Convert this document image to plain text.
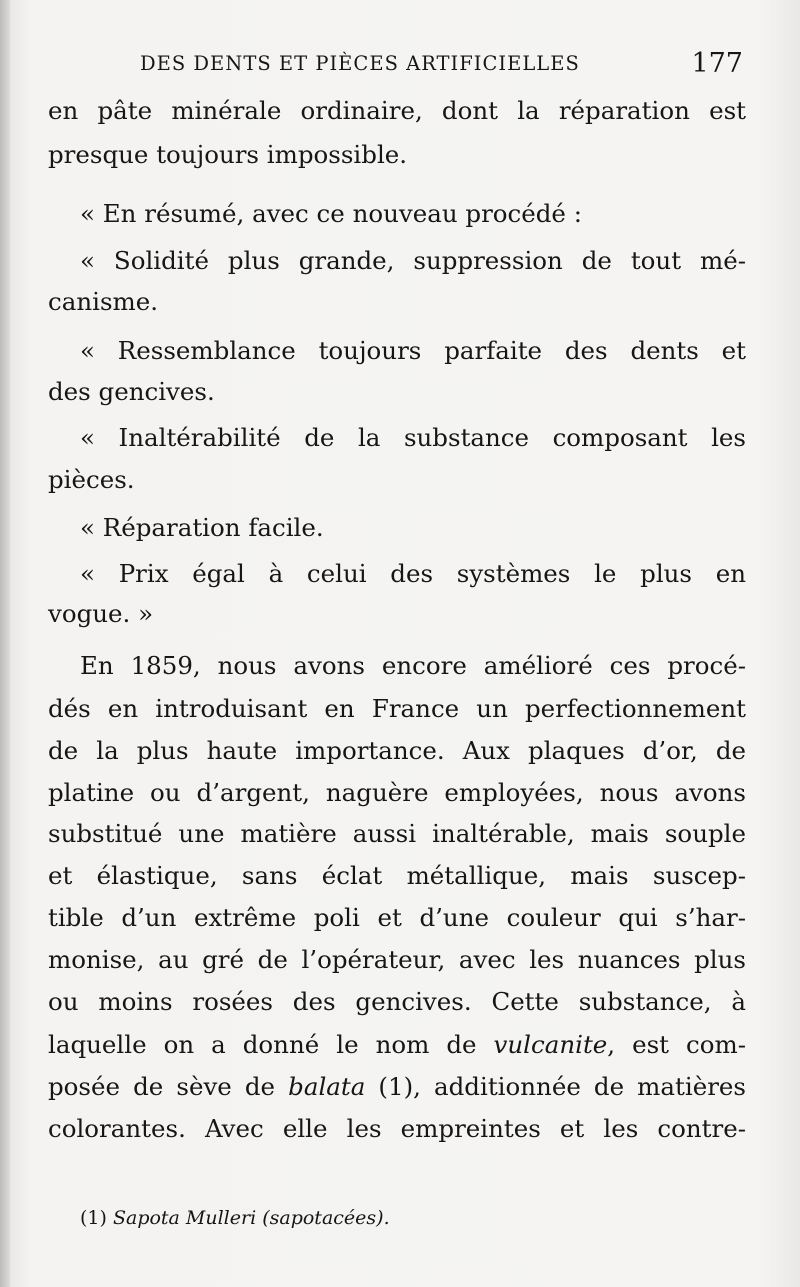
DES DENTS ET PIÈCES ARTIFICIELLES	177
en pâte minérale ordinaire, dont la réparation est
presque toujours impossible.
« En résumé, avec ce nouveau procédé :
« Solidité plus grande, suppression de tout mé-
canisme.
« Ressemblance toujours parfaite des dents et
des gencives.
« Inaltérabilité de la substance composant les
pièces.
« Réparation facile.
« Prix égal à celui des systèmes le plus en
vogue. »
En 1859, nous avons encore amélioré ces procé-
dés en introduisant en France un perfectionnement
de la plus haute importance. Aux plaques d’or, de
platine ou d’argent, naguère employées, nous avons
substitué une matière aussi inaltérable, mais souple
et élastique, sans éclat métallique, mais suscep-
tible d’un extrême poli et d’une couleur qui s’har-
monise, au gré de l’opérateur, avec les nuances plus
ou moins rosées des gencives. Cette substance, à
laquelle on a donné le nom de vulcanite, est com-
posée de sève de balata (1), additionnée de matières
colorantes. Avec elle les empreintes et les contre-
(1) Sapota Mulleri (sapotacées).
